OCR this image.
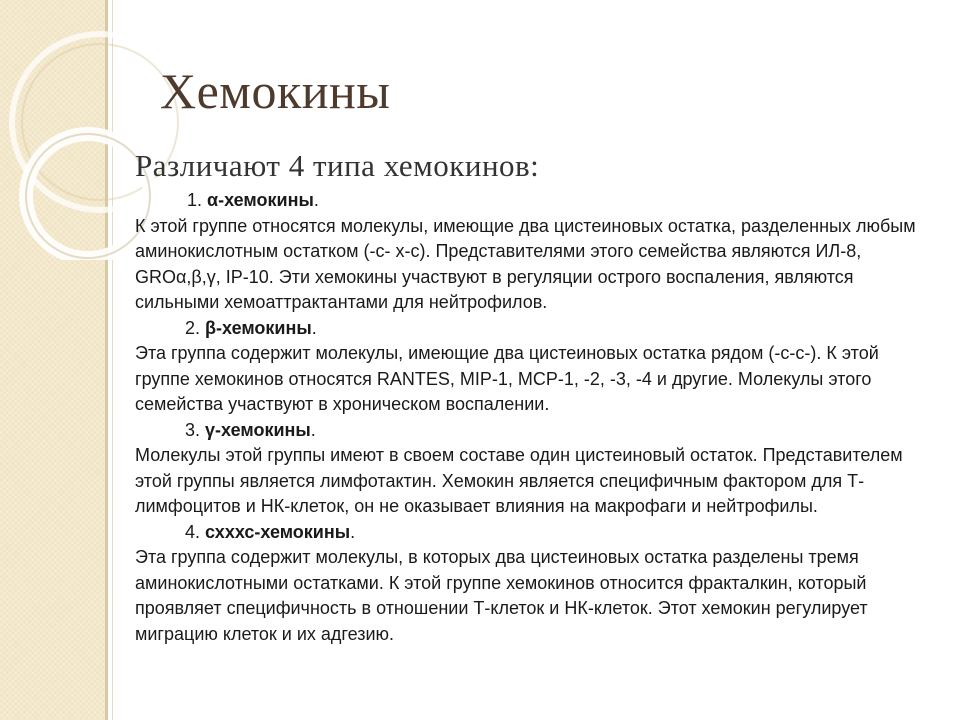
Хемокины
Различают 4 типа хемокинов:

1. α-хемокины.

К этой группе относятся молекулы, имеющие два цистеиновых остатка, разделенных любым аминокислотным остатком (-с- х-с). Представителями этого семейства являются ИЛ-8, GROα,β,γ, IP-10. Эти хемокины участвуют в регуляции острого воспаления, являются сильными хемоаттрактантами для нейтрофилов.

2. β-хемокины.

Эта группа содержит молекулы, имеющие два цистеиновых остатка рядом (-с-с-). К этой группе хемокинов относятся RANTES, MIP-1, MCP-1, -2, -3, -4 и другие. Молекулы этого семейства участвуют в хроническом воспалении.

3. γ-хемокины.

Молекулы этой группы имеют в своем составе один цистеиновый остаток. Представителем этой группы является лимфотактин. Хемокин является специфичным фактором для Т-лимфоцитов и НК-клеток, он не оказывает влияния на макрофаги и нейтрофилы.

4. схххс-хемокины.

Эта группа содержит молекулы, в которых два цистеиновых остатка разделены тремя аминокислотными остатками. К этой группе хемокинов относится фракталкин, который проявляет специфичность в отношении Т-клеток и НК-клеток. Этот хемокин регулирует миграцию клеток и их адгезию.
